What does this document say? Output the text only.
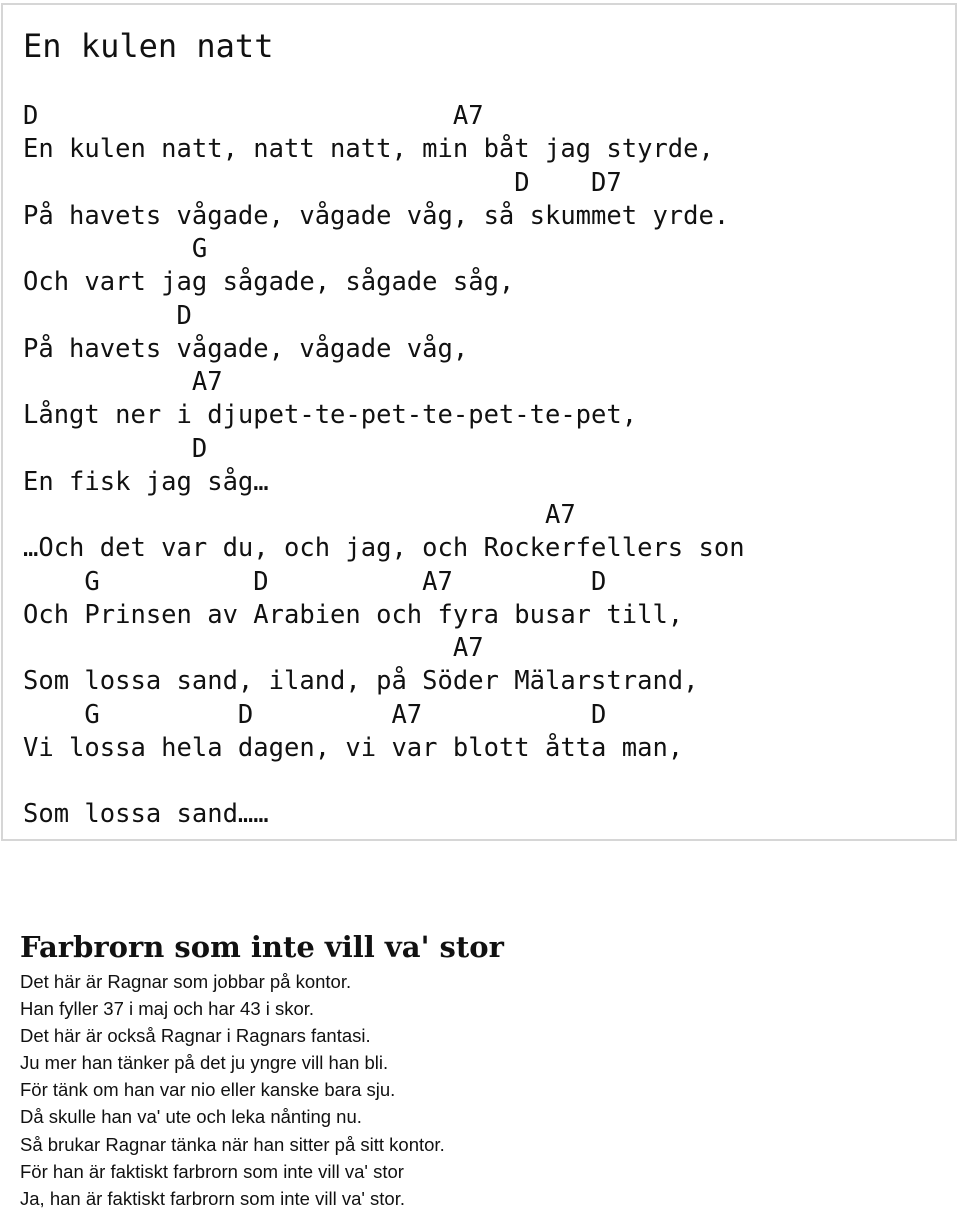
En kulen natt
D                           A7
En kulen natt, natt natt, min båt jag styrde,
D    D7
På havets vågade, vågade våg, så skummet yrde.
G
Och vart jag sågade, sågade såg,
D
På havets vågade, vågade våg,
A7
Långt ner i djupet-te-pet-te-pet-te-pet,
D
En fisk jag såg…
A7
…Och det var du, och jag, och Rockerfellers son
G          D          A7         D
Och Prinsen av Arabien och fyra busar till,
A7
Som lossa sand, iland, på Söder Mälarstrand,
G         D         A7           D
Vi lossa hela dagen, vi var blott åtta man,
Som lossa sand……
Farbrorn som inte vill va' stor
Det här är Ragnar som jobbar på kontor.
Han fyller 37 i maj och har 43 i skor.
Det här är också Ragnar i Ragnars fantasi.
Ju mer han tänker på det ju yngre vill han bli.
För tänk om han var nio eller kanske bara sju.
Då skulle han va' ute och leka nånting nu.
Så brukar Ragnar tänka när han sitter på sitt kontor.
För han är faktiskt farbrorn som inte vill va' stor
Ja, han är faktiskt farbrorn som inte vill va' stor.
